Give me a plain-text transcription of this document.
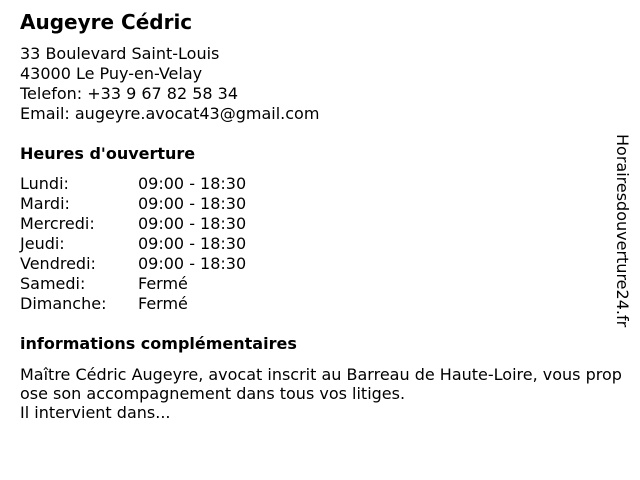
Augeyre Cédric
33 Boulevard Saint-Louis
43000 Le Puy-en-Velay
Telefon: +33 9 67 82 58 34
Email: augeyre.avocat43@gmail.com
Heures d'ouverture
Lundi:	09:00 - 18:30
Mardi:	09:00 - 18:30
Mercredi:	09:00 - 18:30
Jeudi:	09:00 - 18:30
Vendredi:	09:00 - 18:30
Samedi:	Fermé
Dimanche: Fermé
informations complémentaires
Maître Cédric Augeyre, avocat inscrit au Barreau de Haute-Loire, vous propose son accompagnement dans tous vos litiges.
Il intervient dans...
Horairesdouverture24.fr
